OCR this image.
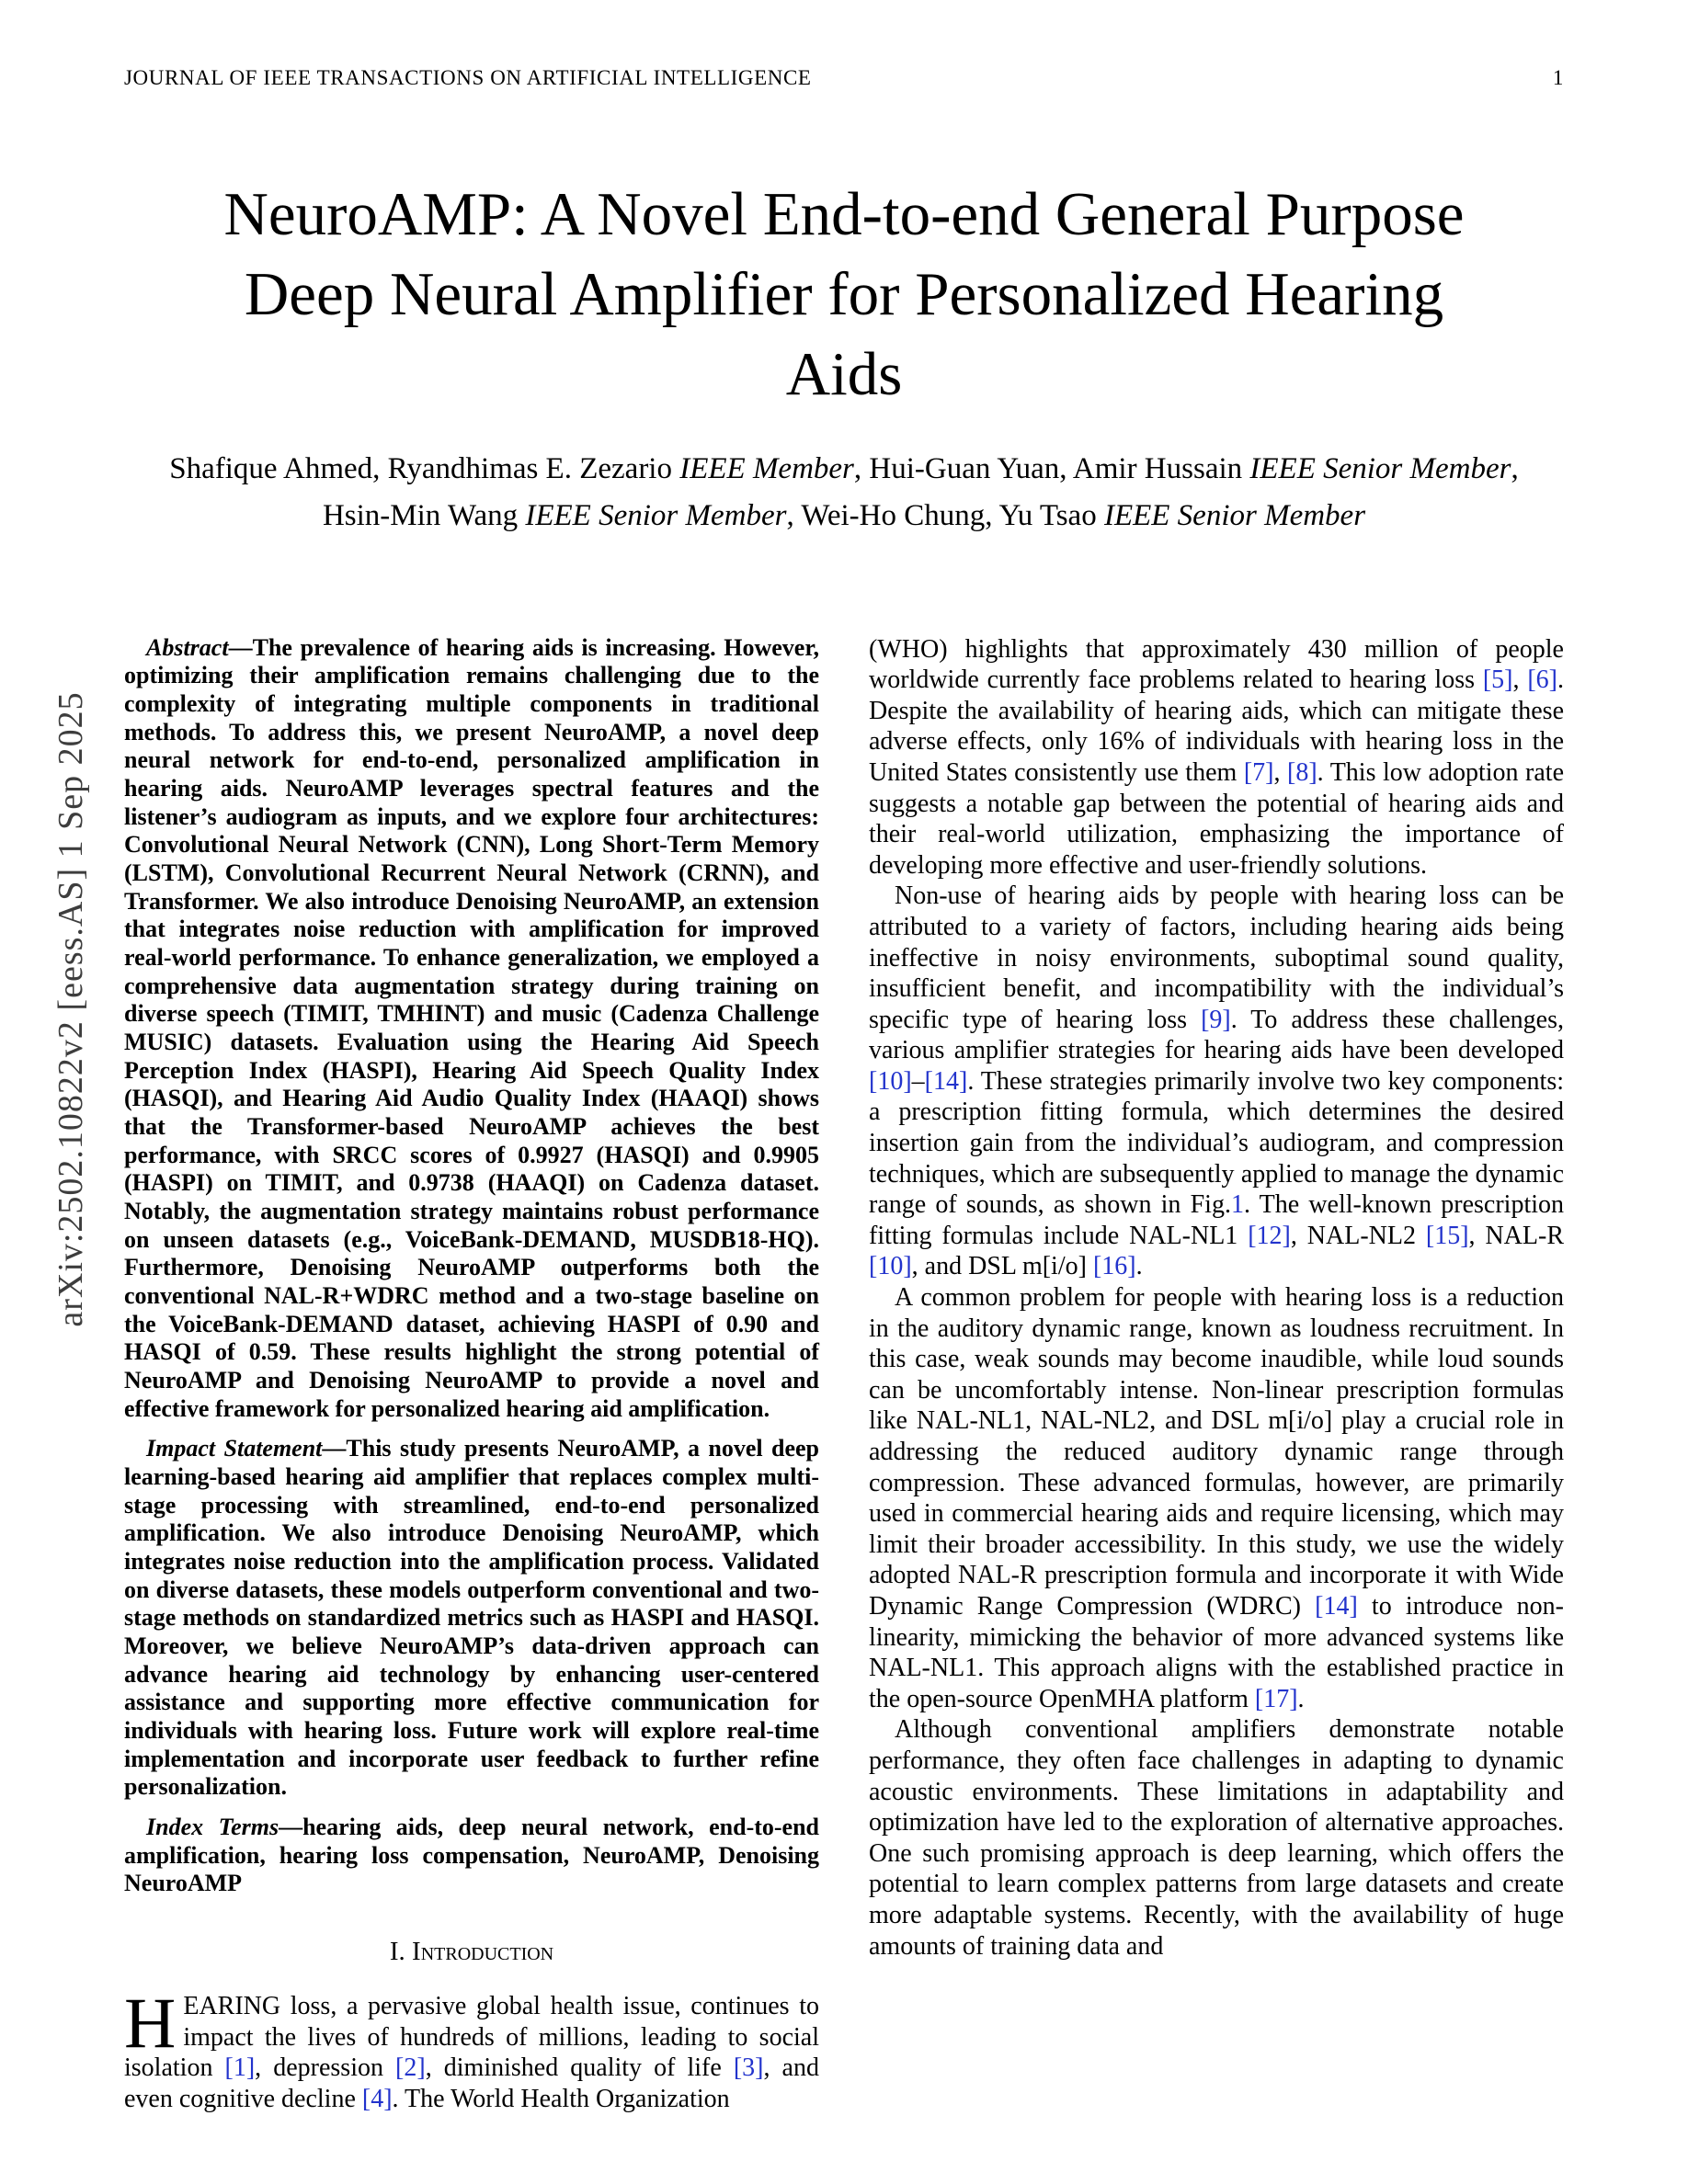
JOURNAL OF IEEE TRANSACTIONS ON ARTIFICIAL INTELLIGENCE	1
arXiv:2502.10822v2 [eess.AS] 1 Sep 2025
NeuroAMP: A Novel End-to-end General Purpose
Deep Neural Amplifier for Personalized Hearing
Aids
Shafique Ahmed, Ryandhimas E. Zezario IEEE Member, Hui-Guan Yuan, Amir Hussain IEEE Senior Member,
Hsin-Min Wang IEEE Senior Member, Wei-Ho Chung, Yu Tsao IEEE Senior Member

Abstract—The prevalence of hearing aids is increasing. However, optimizing their amplification remains challenging due to the complexity of integrating multiple components in traditional methods. To address this, we present NeuroAMP, a novel deep neural network for end-to-end, personalized amplification in hearing aids. NeuroAMP leverages spectral features and the listener’s audiogram as inputs, and we explore four architectures: Convolutional Neural Network (CNN), Long Short-Term Memory (LSTM), Convolutional Recurrent Neural Network (CRNN), and Transformer. We also introduce Denoising NeuroAMP, an extension that integrates noise reduction with amplification for improved real-world performance. To enhance generalization, we employed a comprehensive data augmentation strategy during training on diverse speech (TIMIT, TMHINT) and music (Cadenza Challenge MUSIC) datasets. Evaluation using the Hearing Aid Speech Perception Index (HASPI), Hearing Aid Speech Quality Index (HASQI), and Hearing Aid Audio Quality Index (HAAQI) shows that the Transformer-based NeuroAMP achieves the best performance, with SRCC scores of 0.9927 (HASQI) and 0.9905 (HASPI) on TIMIT, and 0.9738 (HAAQI) on Cadenza dataset. Notably, the augmentation strategy maintains robust performance on unseen datasets (e.g., VoiceBank-DEMAND, MUSDB18-HQ). Furthermore, Denoising NeuroAMP outperforms both the conventional NAL-R+WDRC method and a two-stage baseline on the VoiceBank-DEMAND dataset, achieving HASPI of 0.90 and HASQI of 0.59. These results highlight the strong potential of NeuroAMP and Denoising NeuroAMP to provide a novel and effective framework for personalized hearing aid amplification.

Impact Statement—This study presents NeuroAMP, a novel deep learning-based hearing aid amplifier that replaces complex multi-stage processing with streamlined, end-to-end personalized amplification. We also introduce Denoising NeuroAMP, which integrates noise reduction into the amplification process. Validated on diverse datasets, these models outperform conventional and two-stage methods on standardized metrics such as HASPI and HASQI. Moreover, we believe NeuroAMP’s data-driven approach can advance hearing aid technology by enhancing user-centered assistance and supporting more effective communication for individuals with hearing loss. Future work will explore real-time implementation and incorporate user feedback to further refine personalization.

Index Terms—hearing aids, deep neural network, end-to-end amplification, hearing loss compensation, NeuroAMP, Denoising NeuroAMP

I. Introduction

HEARING loss, a pervasive global health issue, continues to impact the lives of hundreds of millions, leading to social isolation [1], depression [2], diminished quality of life [3], and even cognitive decline [4]. The World Health Organization

(WHO) highlights that approximately 430 million of people worldwide currently face problems related to hearing loss [5], [6]. Despite the availability of hearing aids, which can mitigate these adverse effects, only 16% of individuals with hearing loss in the United States consistently use them [7], [8]. This low adoption rate suggests a notable gap between the potential of hearing aids and their real-world utilization, emphasizing the importance of developing more effective and user-friendly solutions.

Non-use of hearing aids by people with hearing loss can be attributed to a variety of factors, including hearing aids being ineffective in noisy environments, suboptimal sound quality, insufficient benefit, and incompatibility with the individual’s specific type of hearing loss [9]. To address these challenges, various amplifier strategies for hearing aids have been developed [10]–[14]. These strategies primarily involve two key components: a prescription fitting formula, which determines the desired insertion gain from the individual’s audiogram, and compression techniques, which are subsequently applied to manage the dynamic range of sounds, as shown in Fig.1. The well-known prescription fitting formulas include NAL-NL1 [12], NAL-NL2 [15], NAL-R [10], and DSL m[i/o] [16].

A common problem for people with hearing loss is a reduction in the auditory dynamic range, known as loudness recruitment. In this case, weak sounds may become inaudible, while loud sounds can be uncomfortably intense. Non-linear prescription formulas like NAL-NL1, NAL-NL2, and DSL m[i/o] play a crucial role in addressing the reduced auditory dynamic range through compression. These advanced formulas, however, are primarily used in commercial hearing aids and require licensing, which may limit their broader accessibility. In this study, we use the widely adopted NAL-R prescription formula and incorporate it with Wide Dynamic Range Compression (WDRC) [14] to introduce non-linearity, mimicking the behavior of more advanced systems like NAL-NL1. This approach aligns with the established practice in the open-source OpenMHA platform [17].

Although conventional amplifiers demonstrate notable performance, they often face challenges in adapting to dynamic acoustic environments. These limitations in adaptability and optimization have led to the exploration of alternative approaches. One such promising approach is deep learning, which offers the potential to learn complex patterns from large datasets and create more adaptable systems. Recently, with the availability of huge amounts of training data and
